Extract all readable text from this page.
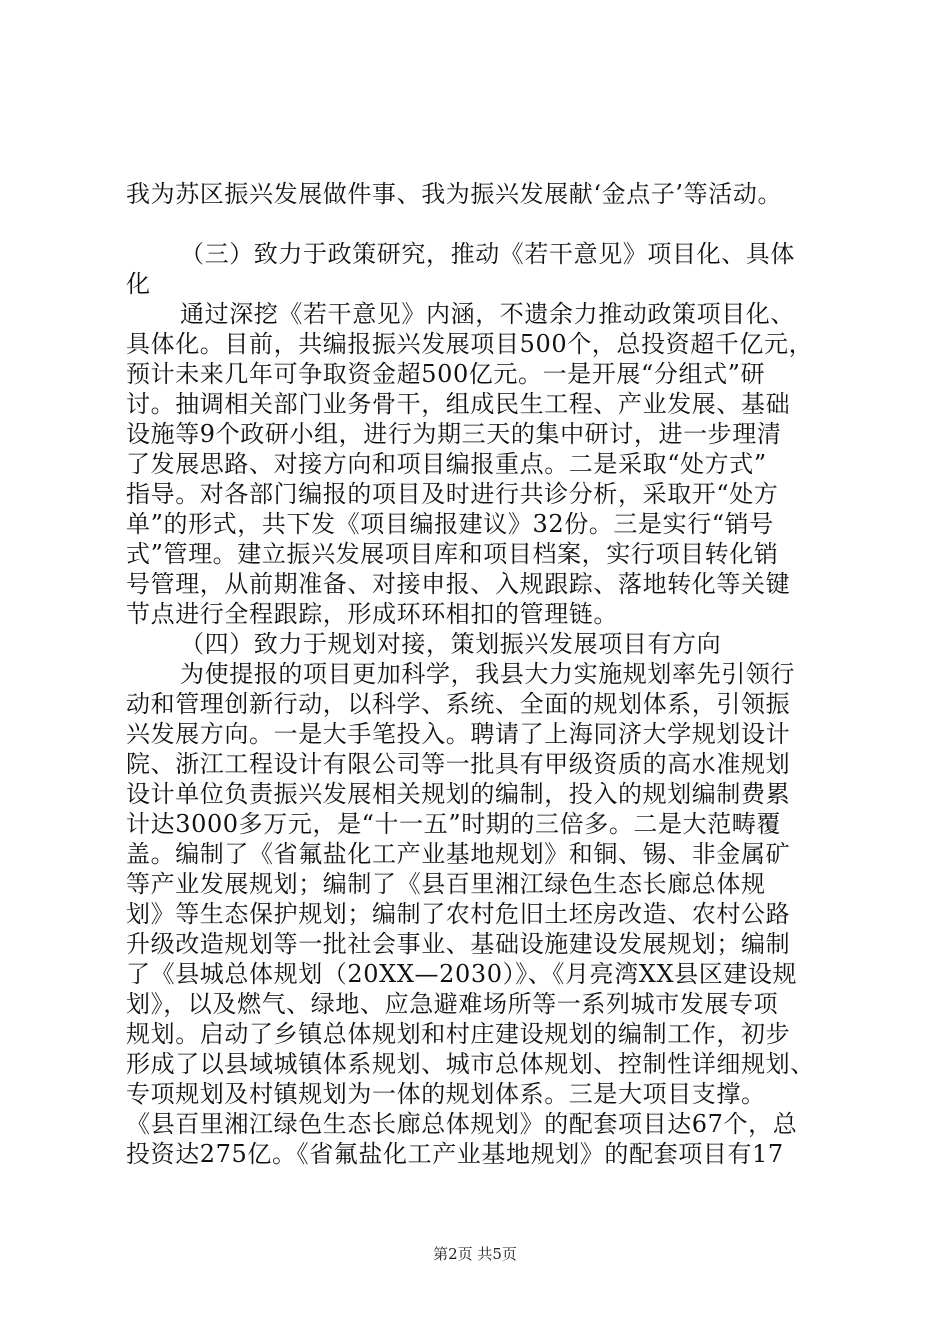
我为苏区振兴发展做件事、我为振兴发展献‘金点子’等活动。
（三）致力于政策研究，推动《若干意见》项目化、具体
化
通过深挖《若干意见》内涵，不遗余力推动政策项目化、
具体化。目前，共编报振兴发展项目500个，总投资超千亿元，
预计未来几年可争取资金超500亿元。一是开展“分组式”研
讨。抽调相关部门业务骨干，组成民生工程、产业发展、基础
设施等9个政研小组，进行为期三天的集中研讨，进一步理清
了发展思路、对接方向和项目编报重点。二是采取“处方式”
指导。对各部门编报的项目及时进行共诊分析，采取开“处方
单”的形式，共下发《项目编报建议》32份。三是实行“销号
式”管理。建立振兴发展项目库和项目档案，实行项目转化销
号管理，从前期准备、对接申报、入规跟踪、落地转化等关键
节点进行全程跟踪，形成环环相扣的管理链。
（四）致力于规划对接，策划振兴发展项目有方向
为使提报的项目更加科学，我县大力实施规划率先引领行
动和管理创新行动，以科学、系统、全面的规划体系，引领振
兴发展方向。一是大手笔投入。聘请了上海同济大学规划设计
院、浙江工程设计有限公司等一批具有甲级资质的高水准规划
设计单位负责振兴发展相关规划的编制，投入的规划编制费累
计达3000多万元，是“十一五”时期的三倍多。二是大范畴覆
盖。编制了《省氟盐化工产业基地规划》和铜、锡、非金属矿
等产业发展规划；编制了《县百里湘江绿色生态长廊总体规
划》等生态保护规划；编制了农村危旧土坯房改造、农村公路
升级改造规划等一批社会事业、基础设施建设发展规划；编制
了《县城总体规划（20XX—2030）》、《月亮湾XX县区建设规
划》，以及燃气、绿地、应急避难场所等一系列城市发展专项
规划。启动了乡镇总体规划和村庄建设规划的编制工作，初步
形成了以县域城镇体系规划、城市总体规划、控制性详细规划、
专项规划及村镇规划为一体的规划体系。三是大项目支撑。
《县百里湘江绿色生态长廊总体规划》的配套项目达67个，总
投资达275亿。《省氟盐化工产业基地规划》的配套项目有17
第2页 共5页
